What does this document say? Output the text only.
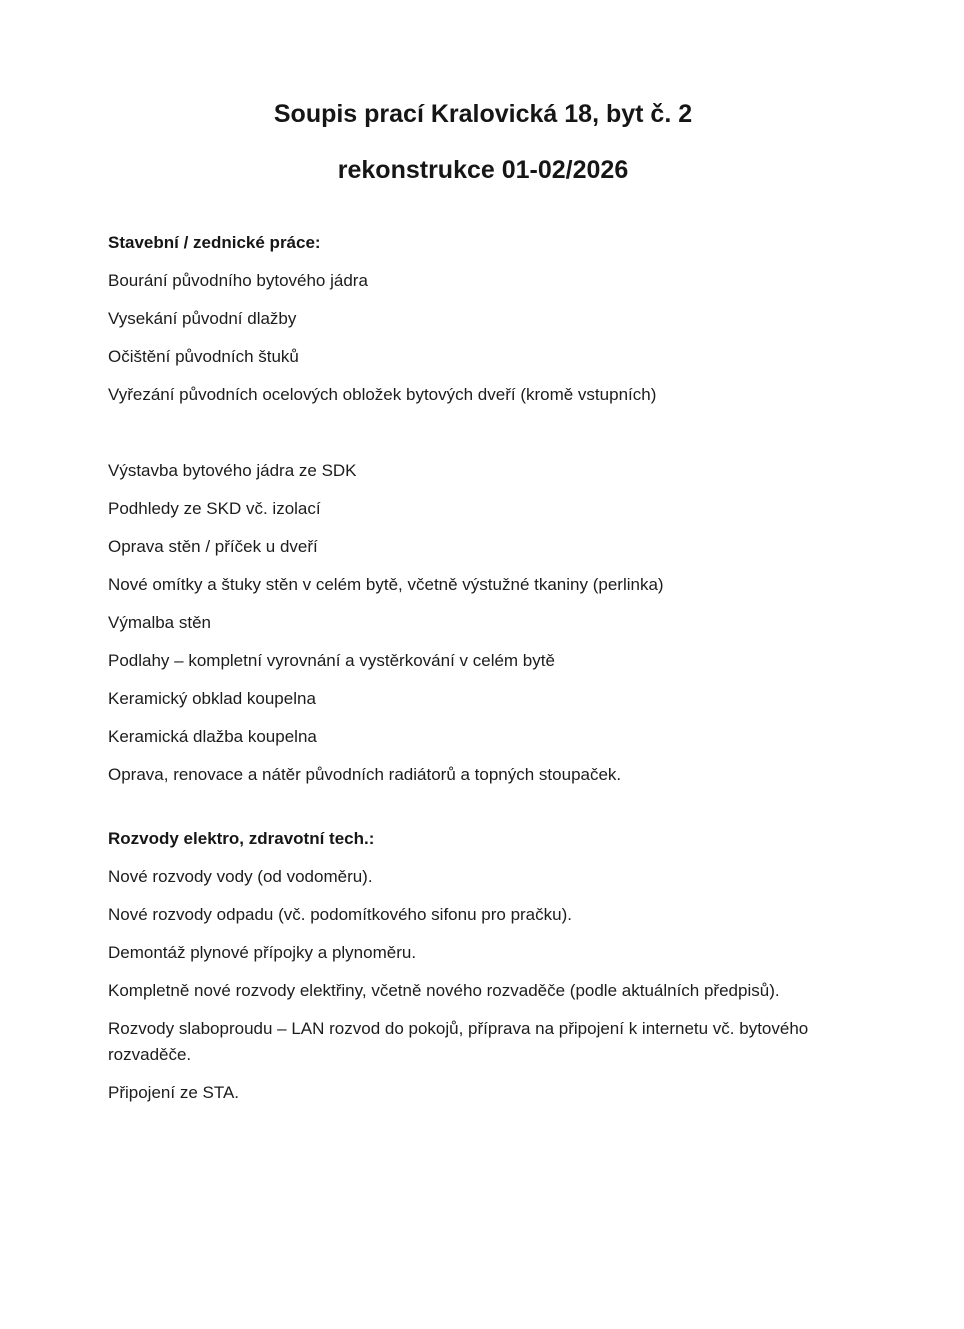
Soupis prací Kralovická 18, byt č. 2
rekonstrukce 01-02/2026

Stavební / zednické práce:

Bourání původního bytového jádra

Vysekání původní dlažby

Očištění původních štuků

Vyřezání původních ocelových obložek bytových dveří (kromě vstupních)

Výstavba bytového jádra ze SDK

Podhledy ze SKD vč. izolací

Oprava stěn / příček u dveří

Nové omítky a štuky stěn v celém bytě, včetně výstužné tkaniny (perlinka)

Výmalba stěn

Podlahy – kompletní vyrovnání a vystěrkování v celém bytě

Keramický obklad koupelna

Keramická dlažba koupelna

Oprava, renovace a nátěr původních radiátorů a topných stoupaček.

Rozvody elektro, zdravotní tech.:

Nové rozvody vody (od vodoměru).

Nové rozvody odpadu (vč. podomítkového sifonu pro pračku).

Demontáž plynové přípojky a plynoměru.

Kompletně nové rozvody elektřiny, včetně nového rozvaděče (podle aktuálních předpisů).

Rozvody slaboproudu – LAN rozvod do pokojů, příprava na připojení k internetu vč. bytového rozvaděče.

Připojení ze STA.
